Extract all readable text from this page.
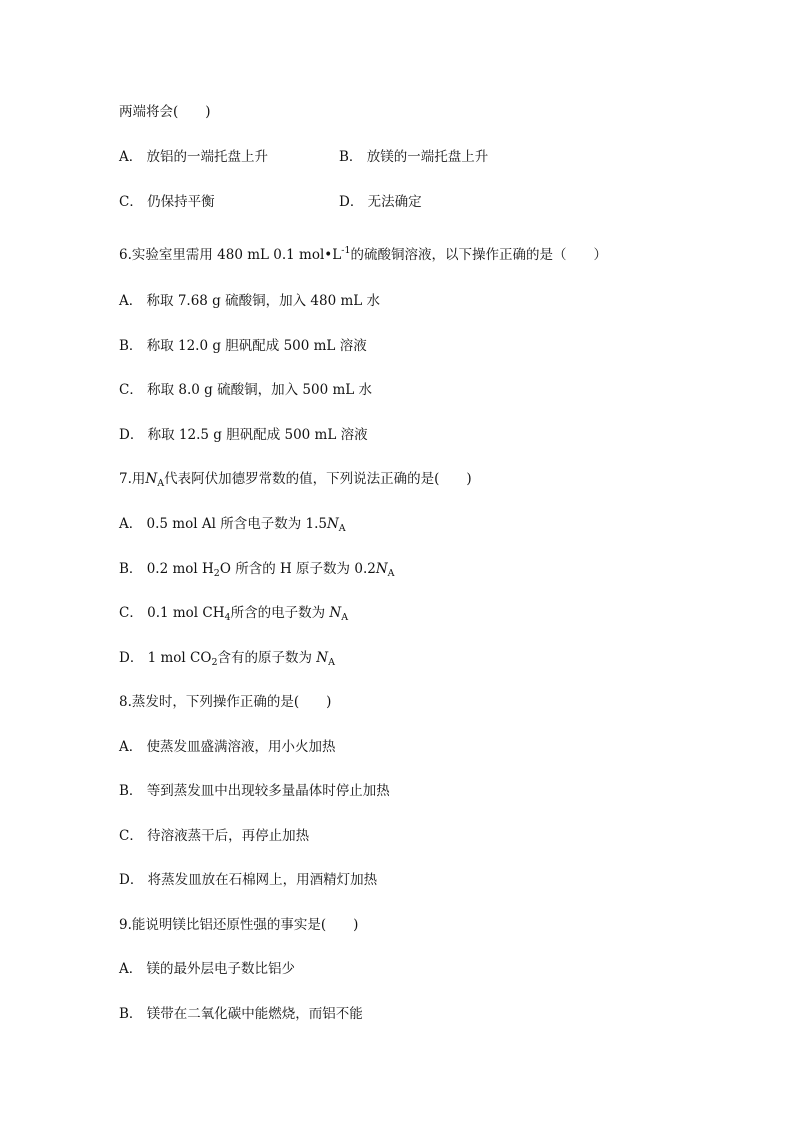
两端将会(　　)
A． 放铝的一端托盘上升	B． 放镁的一端托盘上升
C． 仍保持平衡	D． 无法确定
6.实验室里需用 480 mL 0.1 $mol•L^{-1}$的硫酸铜溶液，以下操作正确的是（　　）
A． 称取 7.68 g 硫酸铜，加入 480 mL 水
B． 称取 12.0 g 胆矾配成 500 mL 溶液
C． 称取 8.0 g 硫酸铜，加入 500 mL 水
D． 称取 12.5 g 胆矾配成 500 mL 溶液
7.用$N_A$代表阿伏加德罗常数的值，下列说法正确的是(　　)
A． 0.5 mol Al 所含电子数为 $1.5N_A$
B． 0.2 mol $H_2O$ 所含的 H 原子数为 $0.2N_A$
C． 0.1 mol $CH_4$所含的电子数为 $N_A$
D． 1 mol $CO_2$含有的原子数为 $N_A$
8.蒸发时，下列操作正确的是(　　)
A． 使蒸发皿盛满溶液，用小火加热
B． 等到蒸发皿中出现较多量晶体时停止加热
C． 待溶液蒸干后，再停止加热
D． 将蒸发皿放在石棉网上，用酒精灯加热
9.能说明镁比铝还原性强的事实是(　　)
A． 镁的最外层电子数比铝少
B． 镁带在二氧化碳中能燃烧，而铝不能
